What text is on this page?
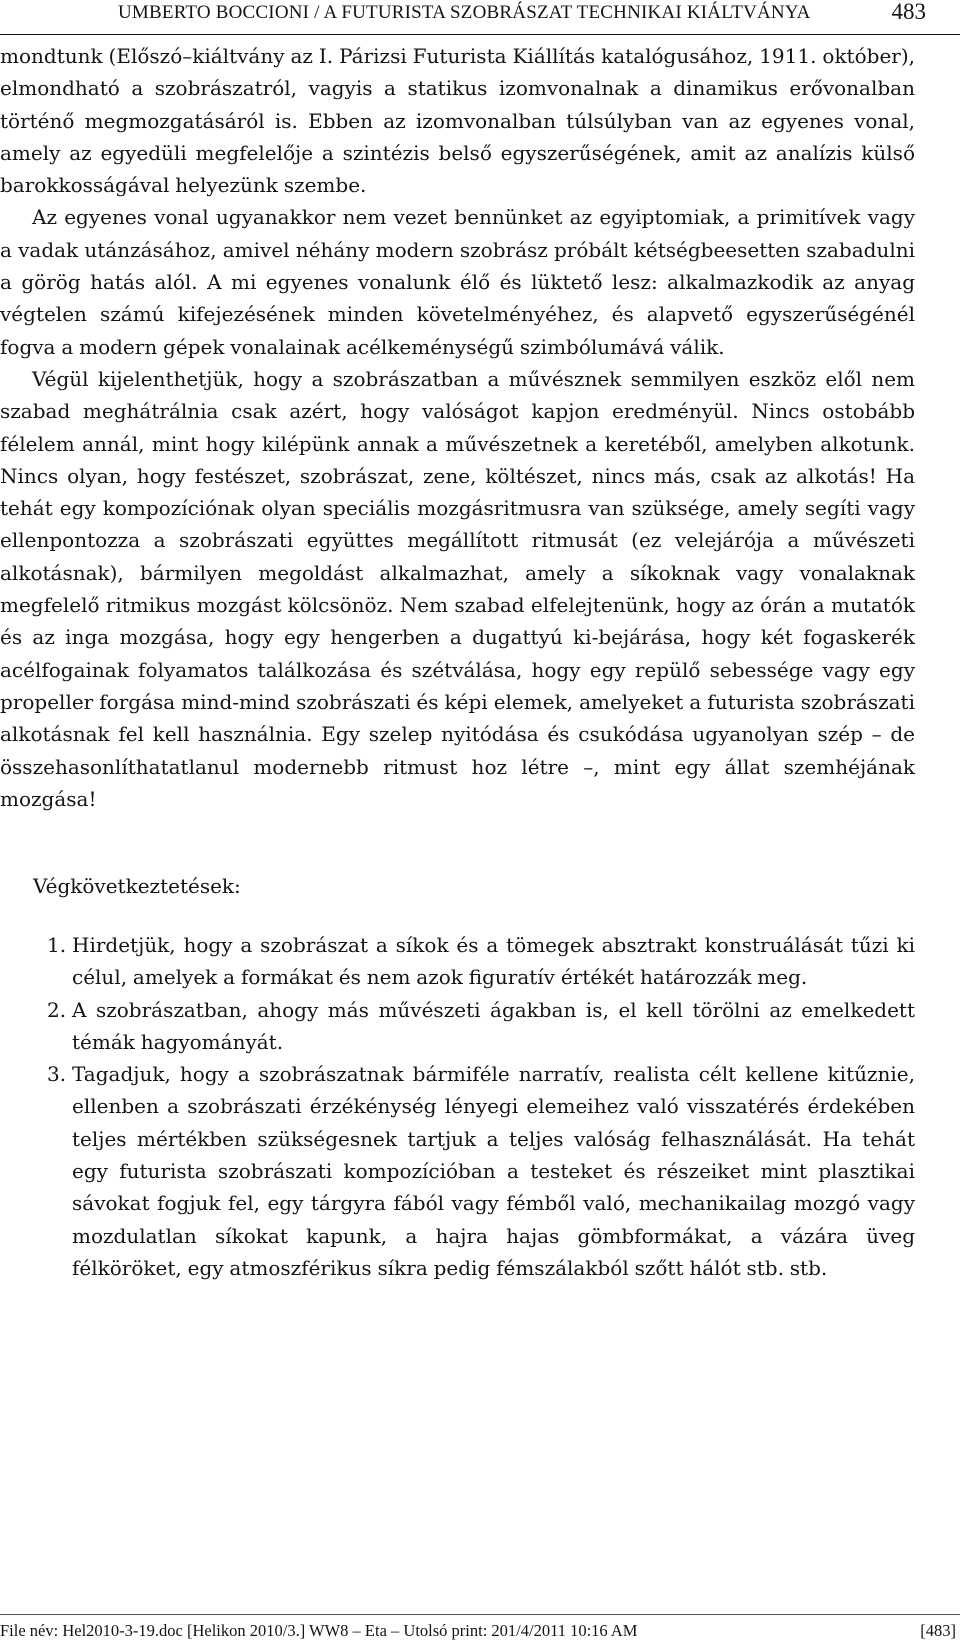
UMBERTO BOCCIONI / A FUTURISTA SZOBRÁSZAT TECHNIKAI KIÁLTVÁNYA	483

mondtunk (Előszó–kiáltvány az I. Párizsi Futurista Kiállítás katalógusához, 1911. október), elmondható a szobrászatról, vagyis a statikus izomvonalnak a dinamikus erővonalban történő megmozgatásáról is. Ebben az izomvonalban túlsúlyban van az egyenes vonal, amely az egyedüli megfelelője a szintézis belső egyszerűségének, amit az analízis külső barokkosságával helyezünk szembe.

Az egyenes vonal ugyanakkor nem vezet bennünket az egyiptomiak, a primitívek vagy a vadak utánzásához, amivel néhány modern szobrász próbált kétségbeesetten szabadulni a görög hatás alól. A mi egyenes vonalunk élő és lüktető lesz: alkalmazkodik az anyag végtelen számú kifejezésének minden követelményéhez, és alapvető egyszerűségénél fogva a modern gépek vonalainak acélkeménységű szimbólumává válik.

Végül kijelenthetjük, hogy a szobrászatban a művésznek semmilyen eszköz elől nem szabad meghátrálnia csak azért, hogy valóságot kapjon eredményül. Nincs ostobább félelem annál, mint hogy kilépünk annak a művészetnek a keretéből, amelyben alkotunk. Nincs olyan, hogy festészet, szobrászat, zene, költészet, nincs más, csak az alkotás! Ha tehát egy kompozíciónak olyan speciális mozgásritmusra van szüksége, amely segíti vagy ellenpontozza a szobrászati együttes megállított ritmusát (ez velejárója a művészeti alkotásnak), bármilyen megoldást alkalmazhat, amely a síkoknak vagy vonalaknak megfelelő ritmikus mozgást kölcsönöz. Nem szabad elfelejtenünk, hogy az órán a mutatók és az inga mozgása, hogy egy hengerben a dugattyú ki-bejárása, hogy két fogaskerék acélfogainak folyamatos találkozása és szétválása, hogy egy repülő sebessége vagy egy propeller forgása mind-mind szobrászati és képi elemek, amelyeket a futurista szobrászati alkotásnak fel kell használnia. Egy szelep nyitódása és csukódása ugyanolyan szép – de összehasonlíthatatlanul modernebb ritmust hoz létre –, mint egy állat szemhéjának mozgása!

Végkövetkeztetések:
1. Hirdetjük, hogy a szobrászat a síkok és a tömegek absztrakt konstruálását tűzi ki célul, amelyek a formákat és nem azok figuratív értékét határozzák meg.
2. A szobrászatban, ahogy más művészeti ágakban is, el kell törölni az emelkedett témák hagyományát.
3. Tagadjuk, hogy a szobrászatnak bármiféle narratív, realista célt kellene kitűznie, ellenben a szobrászati érzékénység lényegi elemeihez való visszatérés érdekében teljes mértékben szükségesnek tartjuk a teljes valóság felhasználását. Ha tehát egy futurista szobrászati kompozícióban a testeket és részeiket mint plasztikai sávokat fogjuk fel, egy tárgyra fából vagy fémből való, mechanikailag mozgó vagy mozdulatlan síkokat kapunk, a hajra hajas gömbformákat, a vázára üveg félköröket, egy atmoszférikus síkra pedig fémszálakból szőtt hálót stb. stb.
File név: Hel2010-3-19.doc [Helikon 2010/3.] WW8 – Eta – Utolsó print: 201/4/2011 10:16 AM	[483]
